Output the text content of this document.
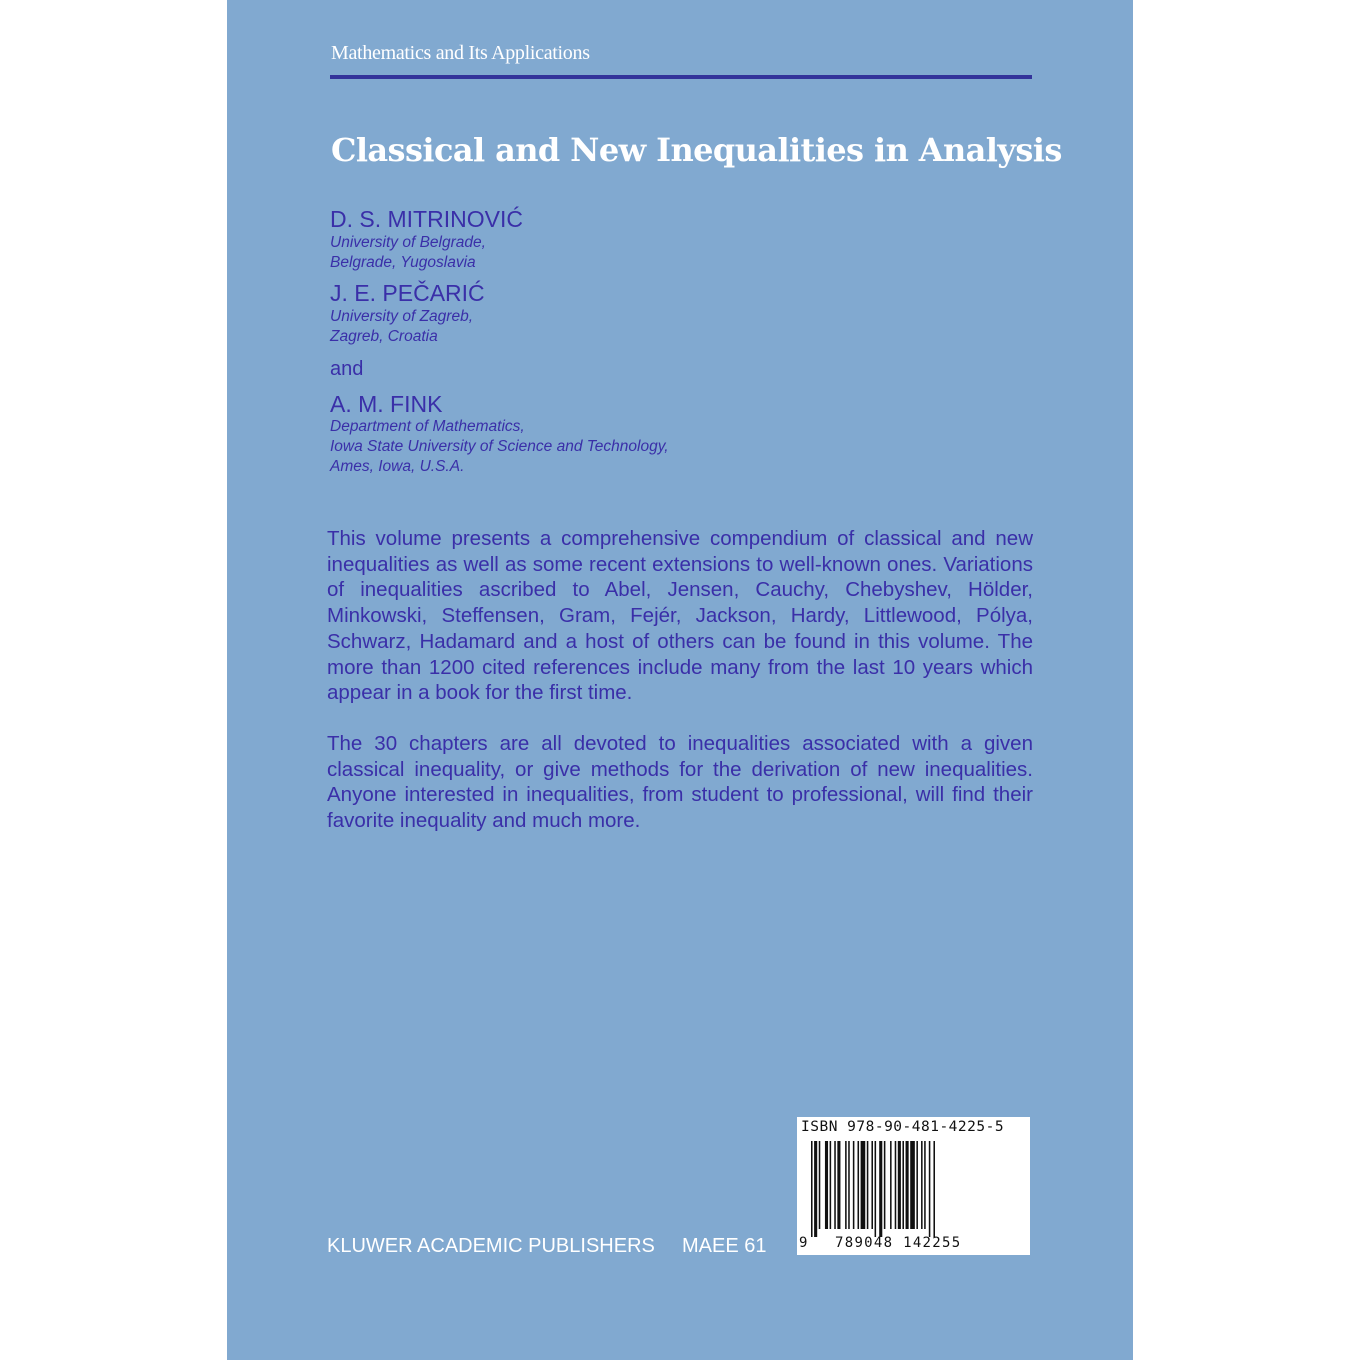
Mathematics and Its Applications
Classical and New Inequalities in Analysis
D. S. MITRINOVIĆ
University of Belgrade,
Belgrade, Yugoslavia
J. E. PEČARIĆ
University of Zagreb,
Zagreb, Croatia
and
A. M. FINK
Department of Mathematics,
Iowa State University of Science and Technology,
Ames, Iowa, U.S.A.
This volume presents a comprehensive compendium of classical and new inequalities as well as some recent extensions to well-known ones. Variations of inequalities ascribed to Abel, Jensen, Cauchy, Chebyshev, Hölder, Minkowski, Steffensen, Gram, Fejér, Jackson, Hardy, Littlewood, Pólya, Schwarz, Hadamard and a host of others can be found in this volume. The more than 1200 cited references include many from the last 10 years which appear in a book for the first time.
The 30 chapters are all devoted to inequalities associated with a given classical inequality, or give methods for the derivation of new inequalities. Anyone interested in inequalities, from student to professional, will find their favorite inequality and much more.
KLUWER ACADEMIC PUBLISHERS MAEE 61
ISBN 978-90-481-4225-5
9 789048 142255
